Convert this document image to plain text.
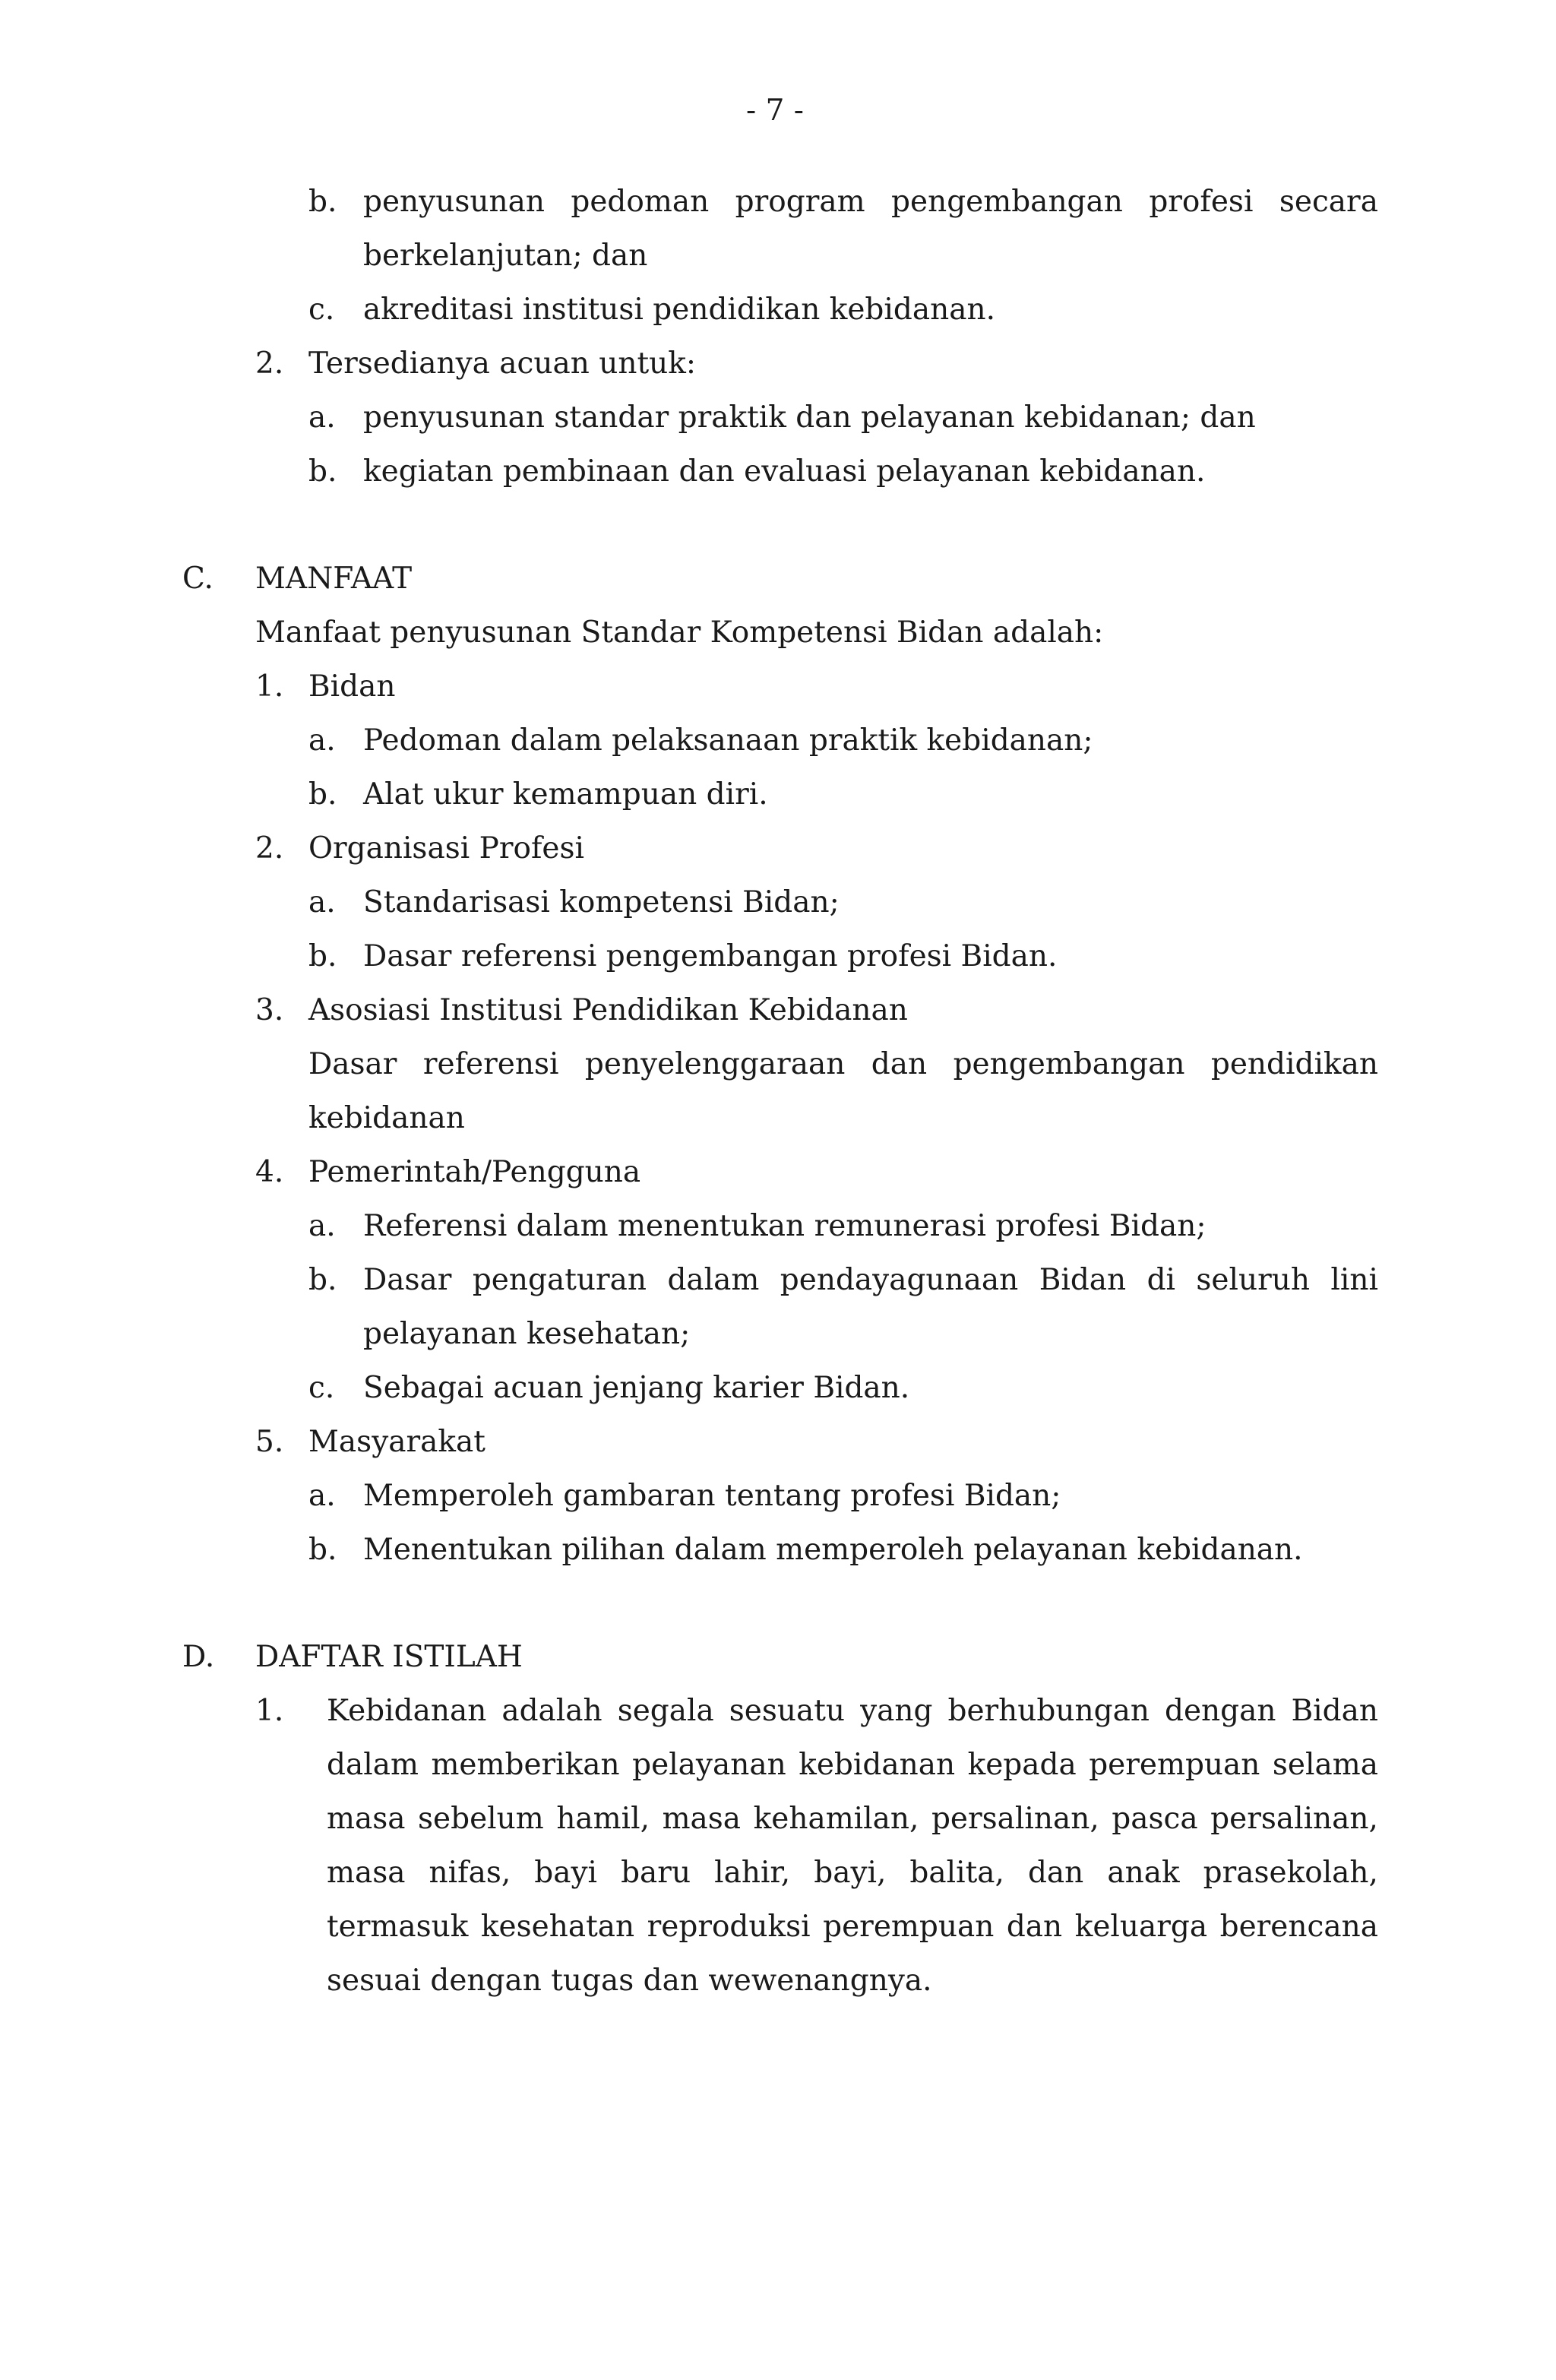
- 7 -
b. penyusunan pedoman program pengembangan profesi secara
berkelanjutan; dan
c. akreditasi institusi pendidikan kebidanan.
2. Tersedianya acuan untuk:
a. penyusunan standar praktik dan pelayanan kebidanan; dan
b. kegiatan pembinaan dan evaluasi pelayanan kebidanan.
C. MANFAAT
Manfaat penyusunan Standar Kompetensi Bidan adalah:
1. Bidan
a. Pedoman dalam pelaksanaan praktik kebidanan;
b. Alat ukur kemampuan diri.
2. Organisasi Profesi
a. Standarisasi kompetensi Bidan;
b. Dasar referensi pengembangan profesi Bidan.
3. Asosiasi Institusi Pendidikan Kebidanan
Dasar referensi penyelenggaraan dan pengembangan pendidikan
kebidanan
4. Pemerintah/Pengguna
a. Referensi dalam menentukan remunerasi profesi Bidan;
b. Dasar pengaturan dalam pendayagunaan Bidan di seluruh lini
pelayanan kesehatan;
c. Sebagai acuan jenjang karier Bidan.
5. Masyarakat
a. Memperoleh gambaran tentang profesi Bidan;
b. Menentukan pilihan dalam memperoleh pelayanan kebidanan.
D. DAFTAR ISTILAH
1. Kebidanan adalah segala sesuatu yang berhubungan dengan Bidan
dalam memberikan pelayanan kebidanan kepada perempuan selama
masa sebelum hamil, masa kehamilan, persalinan, pasca persalinan,
masa nifas, bayi baru lahir, bayi, balita, dan anak prasekolah,
termasuk kesehatan reproduksi perempuan dan keluarga berencana
sesuai dengan tugas dan wewenangnya.
